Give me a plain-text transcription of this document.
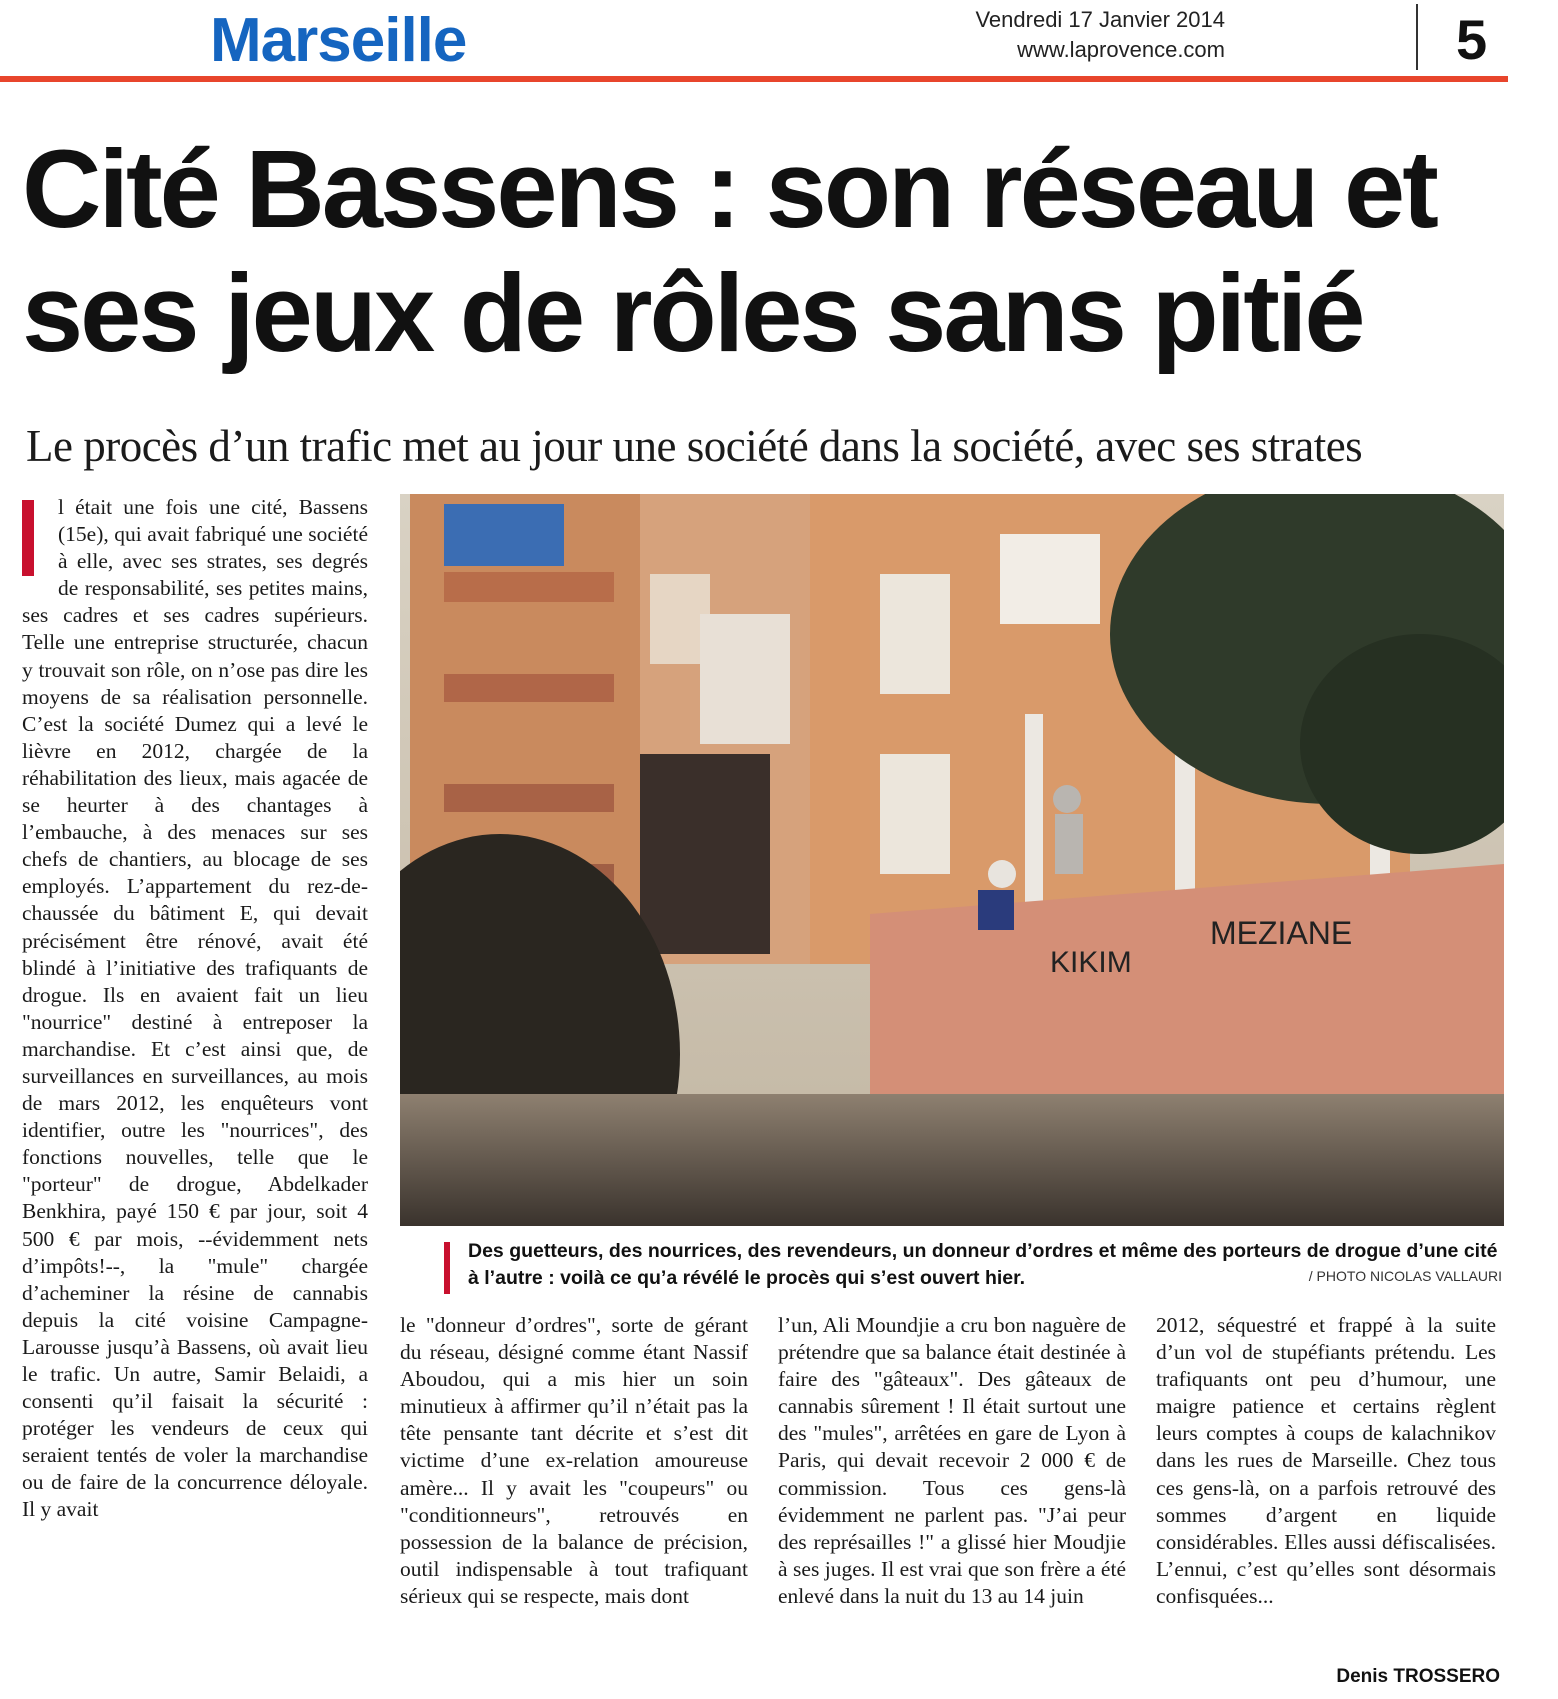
Marseille	Vendredi 17 Janvier 2014
www.laprovence.com	5
Cité Bassens : son réseau et ses jeux de rôles sans pitié
Le procès d’un trafic met au jour une société dans la société, avec ses strates

l était une fois une cité, Bassens (15e), qui avait fabriqué une société à elle, avec ses strates, ses degrés de responsabilité, ses petites mains, ses cadres et ses cadres supérieurs. Telle une entreprise structurée, chacun y trouvait son rôle, on n’ose pas dire les moyens de sa réalisation personnelle. C’est la société Dumez qui a levé le lièvre en 2012, chargée de la réhabilitation des lieux, mais agacée de se heurter à des chantages à l’embauche, à des menaces sur ses chefs de chantiers, au blocage de ses employés. L’appartement du rez-de-chaussée du bâtiment E, qui devait précisément être rénové, avait été blindé à l’initiative des trafiquants de drogue. Ils en avaient fait un lieu "nourrice" destiné à entreposer la marchandise. Et c’est ainsi que, de surveillances en surveillances, au mois de mars 2012, les enquêteurs vont identifier, outre les "nourrices", des fonctions nouvelles, telle que le "porteur" de drogue, Abdelkader Benkhira, payé 150 € par jour, soit 4 500 € par mois, --évidemment nets d’impôts!--, la "mule" chargée d’acheminer la résine de cannabis depuis la cité voisine Campagne-Larousse jusqu’à Bassens, où avait lieu le trafic. Un autre, Samir Belaidi, a consenti qu’il faisait la sécurité : protéger les vendeurs de ceux qui seraient tentés de voler la marchandise ou de faire de la concurrence déloyale. Il y avait

KIKIM
MEZIANE
Des guetteurs, des nourrices, des revendeurs, un donneur d’ordres et même des porteurs de drogue d’une cité à l’autre : voilà ce qu’a révélé le procès qui s’est ouvert hier.	/ PHOTO NICOLAS VALLAURI

le "donneur d’ordres", sorte de gérant du réseau, désigné comme étant Nassif Aboudou, qui a mis hier un soin minutieux à affirmer qu’il n’était pas la tête pensante tant décrite et s’est dit victime d’une ex-relation amoureuse amère... Il y avait les "coupeurs" ou "conditionneurs", retrouvés en possession de la balance de précision, outil indispensable à tout trafiquant sérieux qui se respecte, mais dont

l’un, Ali Moundjie a cru bon naguère de prétendre que sa balance était destinée à faire des "gâteaux". Des gâteaux de cannabis sûrement ! Il était surtout une des "mules", arrêtées en gare de Lyon à Paris, qui devait recevoir 2 000 € de commission. Tous ces gens-là évidemment ne parlent pas. "J’ai peur des représailles !" a glissé hier Moudjie à ses juges. Il est vrai que son frère a été enlevé dans la nuit du 13 au 14 juin

2012, séquestré et frappé à la suite d’un vol de stupéfiants prétendu. Les trafiquants ont peu d’humour, une maigre patience et certains règlent leurs comptes à coups de kalachnikov dans les rues de Marseille. Chez tous ces gens-là, on a parfois retrouvé des sommes d’argent en liquide considérables. Elles aussi défiscalisées. L’ennui, c’est qu’elles sont désormais confisquées...

Denis TROSSERO
